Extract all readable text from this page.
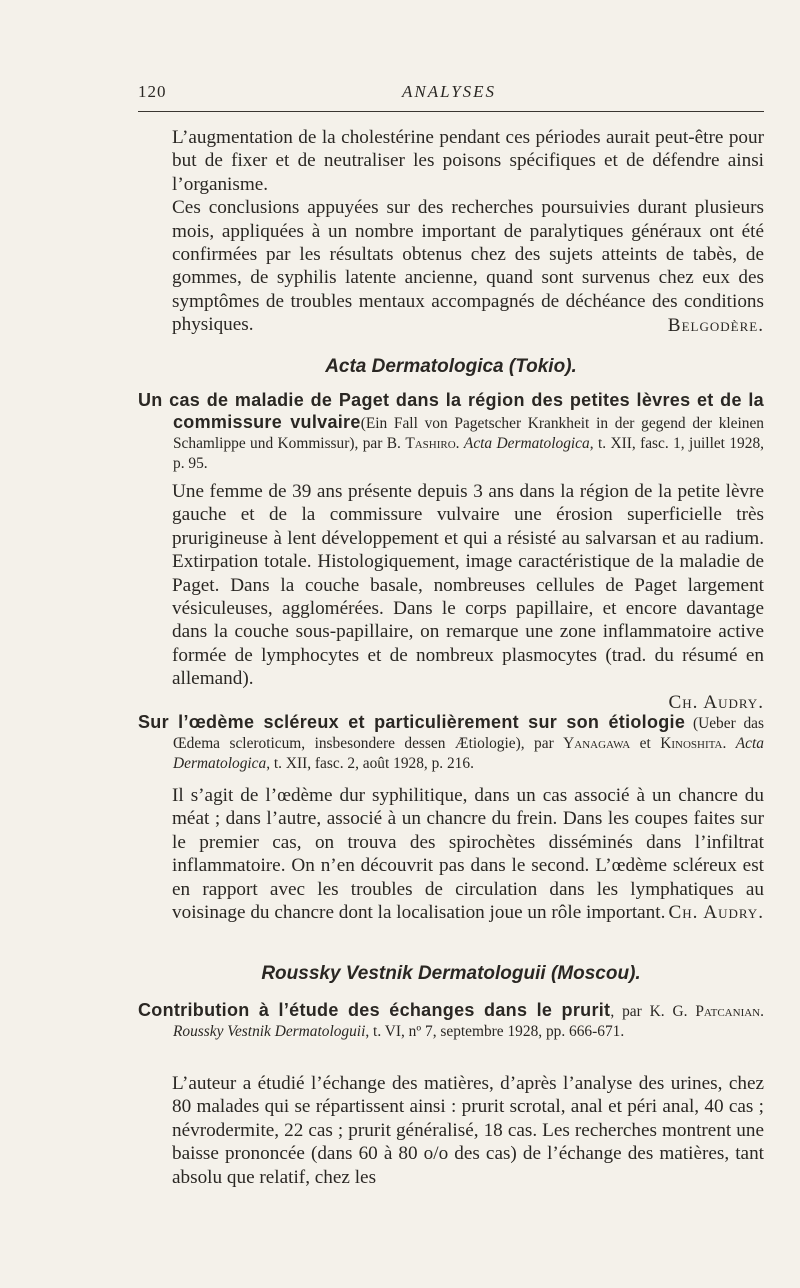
120	ANALYSES

L’augmentation de la cholestérine pendant ces périodes aurait peut-être pour but de fixer et de neutraliser les poisons spécifiques et de défendre ainsi l’organisme.

Ces conclusions appuyées sur des recherches poursuivies durant plusieurs mois, appliquées à un nombre important de paralytiques généraux ont été confirmées par les résultats obtenus chez des sujets atteints de tabès, de gommes, de syphilis latente ancienne, quand sont survenus chez eux des symptômes de troubles mentaux accompagnés de déchéance des conditions physiques.	Belgodère.
Acta Dermatologica (Tokio).
Un cas de maladie de Paget dans la région des petites lèvres et de la commissure vulvaire(Ein Fall von Pagetscher Krankheit in der gegend der kleinen Schamlippe und Kommissur), par B. Tashiro. Acta Dermatologica, t. XII, fasc. 1, juillet 1928, p. 95.

Une femme de 39 ans présente depuis 3 ans dans la région de la petite lèvre gauche et de la commissure vulvaire une érosion superficielle très prurigineuse à lent développement et qui a résisté au salvarsan et au radium. Extirpation totale. Histologiquement, image caractéristique de la maladie de Paget. Dans la couche basale, nombreuses cellules de Paget largement vésiculeuses, agglomérées. Dans le corps papillaire, et encore davantage dans la couche sous-papillaire, on remarque une zone inflammatoire active formée de lymphocytes et de nombreux plasmocytes (trad. du résumé en allemand).

Ch. Audry.
Sur l’œdème scléreux et particulièrement sur son étiologie (Ueber das Œdema scleroticum, insbesondere dessen Ætiologie), par Yanagawa et Kinoshita. Acta Dermatologica, t. XII, fasc. 2, août 1928, p. 216.

Il s’agit de l’œdème dur syphilitique, dans un cas associé à un chancre du méat ; dans l’autre, associé à un chancre du frein. Dans les coupes faites sur le premier cas, on trouva des spirochètes disséminés dans l’infiltrat inflammatoire. On n’en découvrit pas dans le second. L’œdème scléreux est en rapport avec les troubles de circulation dans les lymphatiques au voisinage du chancre dont la localisation joue un rôle important. Ch. Audry.
Roussky Vestnik Dermatologuii (Moscou).
Contribution à l’étude des échanges dans le prurit, par K. G. Patcanian. Roussky Vestnik Dermatologuii, t. VI, nº 7, septembre 1928, pp. 666-671.

L’auteur a étudié l’échange des matières, d’après l’analyse des urines, chez 80 malades qui se répartissent ainsi : prurit scrotal, anal et péri anal, 40 cas ; névrodermite, 22 cas ; prurit généralisé, 18 cas. Les recherches montrent une baisse prononcée (dans 60 à 80 o/o des cas) de l’échange des matières, tant absolu que relatif, chez les
